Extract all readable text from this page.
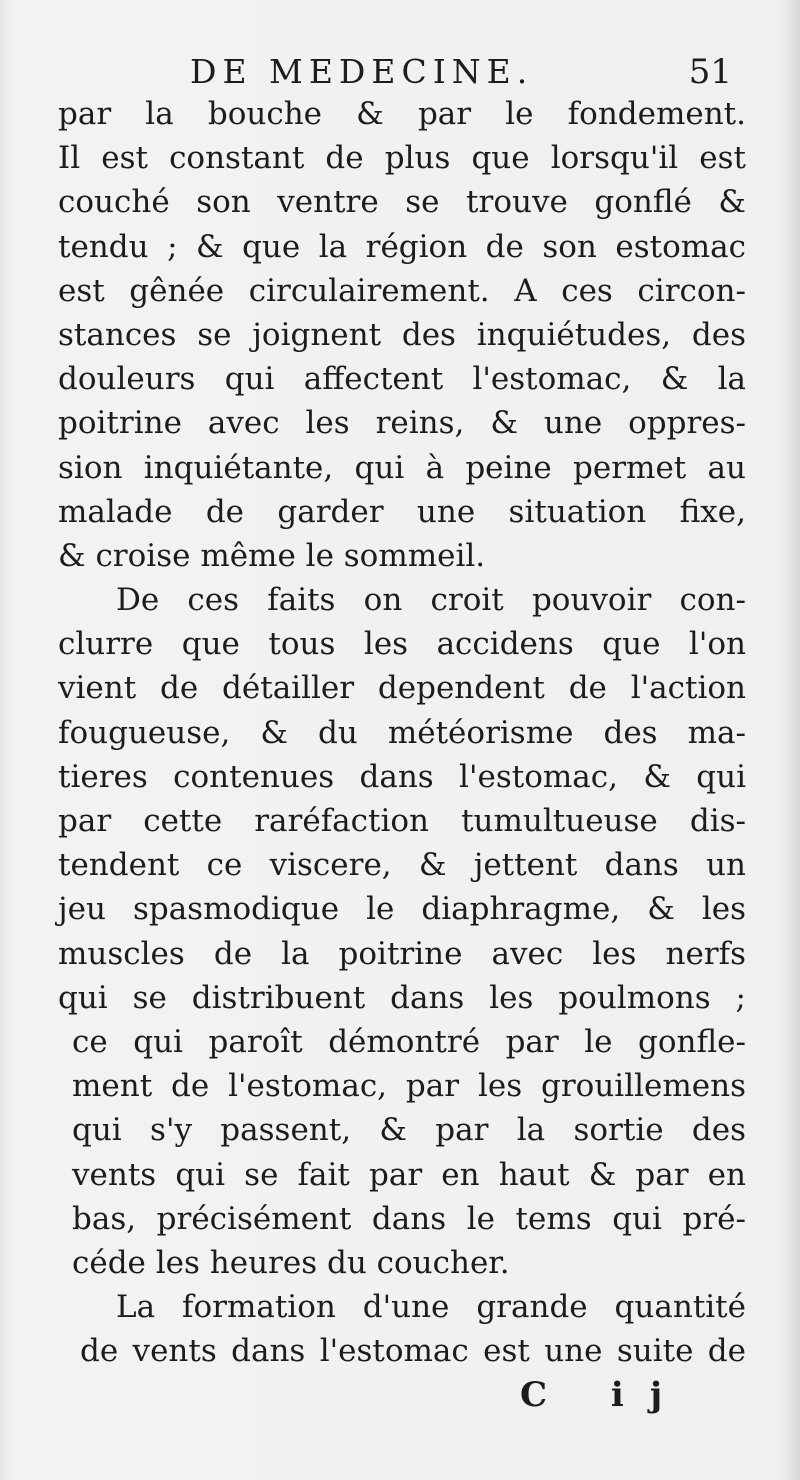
DE MEDECINE.	51
par la bouche & par le fondement.
Il est constant de plus que lorsqu'il est
couché son ventre se trouve gonflé &
tendu ; & que la région de son estomac
est gênée circulairement. A ces circon-
stances se joignent des inquiétudes, des
douleurs qui affectent l'estomac, & la
poitrine avec les reins, & une oppres-
sion inquiétante, qui à peine permet au
malade de garder une situation fixe,
& croise même le sommeil.
De ces faits on croit pouvoir con-
clurre que tous les accidens que l'on
vient de détailler dependent de l'action
fougueuse, & du météorisme des ma-
tieres contenues dans l'estomac, & qui
par cette raréfaction tumultueuse dis-
tendent ce viscere, & jettent dans un
jeu spasmodique le diaphragme, & les
muscles de la poitrine avec les nerfs
qui se distribuent dans les poulmons ;
ce qui paroît démontré par le gonfle-
ment de l'estomac, par les grouillemens
qui s'y passent, & par la sortie des
vents qui se fait par en haut & par en
bas, précisément dans le tems qui pré-
céde les heures du coucher.
La formation d'une grande quantité
de vents dans l'estomac est une suite de
C ij
